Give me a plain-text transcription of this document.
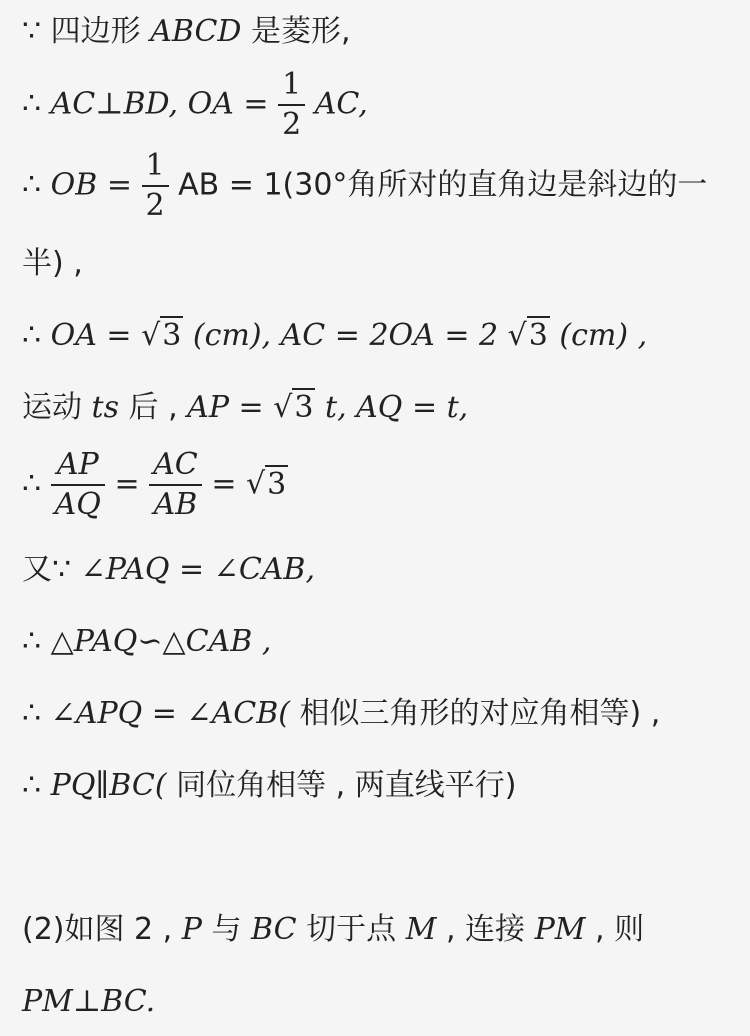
∵ 四边形 ABCD 是菱形,
∴ AC⊥BD, OA = $\frac{1}{2}$ AC,
∴ OB = $\frac{1}{2}$ AB = 1(30°角所对的直角边是斜边的一
半) ,
∴ OA = √3 (cm), AC = 2OA = 2 √3 (cm) ,
运动 ts 后 , AP = √3 t, AQ = t,
∴ $\frac{AP}{AQ} = \frac{AC}{AB} = √3$
又∵ ∠PAQ = ∠CAB,
∴ △PAQ∽△CAB ,
∴ ∠APQ = ∠ACB( 相似三角形的对应角相等) ,
∴ PQ∥BC( 同位角相等 , 两直线平行)
(2)如图 2 , P 与 BC 切于点 M , 连接 PM , 则
PM⊥BC.
